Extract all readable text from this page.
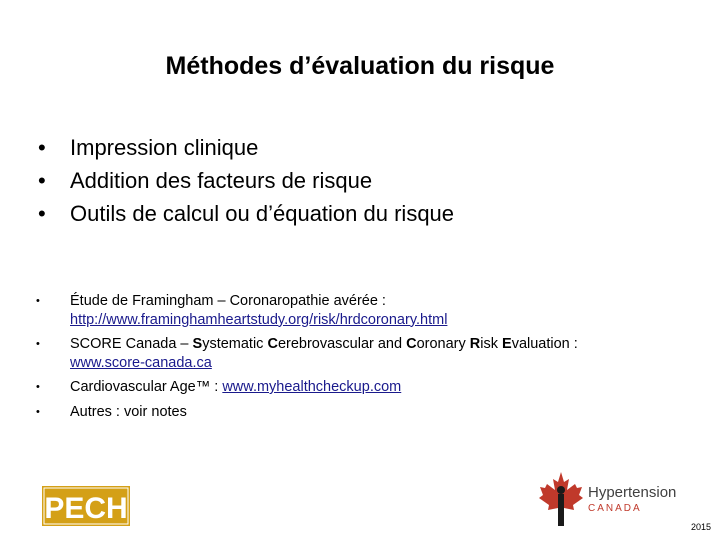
Méthodes d’évaluation du risque
• Impression clinique
• Addition des facteurs de risque
• Outils de calcul ou d’équation du risque
• Étude de Framingham – Coronaropathie avérée :
http://www.framinghamheartstudy.org/risk/hrdcoronary.html
• SCORE Canada – Systematic Cerebrovascular and Coronary Risk Evaluation :
www.score-canada.ca
• Cardiovascular Age™ : www.myhealthcheckup.com
• Autres : voir notes
PECH	Hypertension
CANADA
2015
